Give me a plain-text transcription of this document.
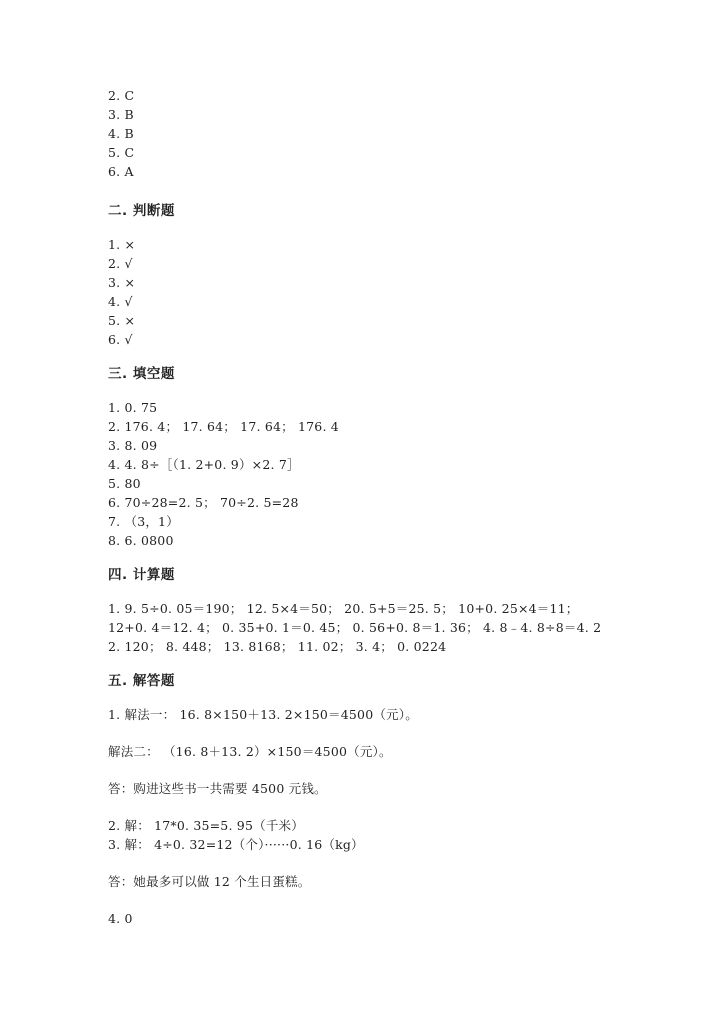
2. C
3. B
4. B
5. C
6. A
二. 判断题
1. ×
2. √
3. ×
4. √
5. ×
6. √
三. 填空题
1. 0. 75
2. 176. 4； 17. 64； 17. 64； 176. 4
3. 8. 09
4. 4. 8÷［（1. 2+0. 9）×2. 7］
5. 80
6. 70÷28=2. 5； 70÷2. 5=28
7. （3，1）
8. 6. 0800
四. 计算题
1. 9. 5÷0. 05＝190； 12. 5×4＝50； 20. 5+5＝25. 5； 10+0. 25×4＝11； 12+0. 4＝12. 4； 0. 35+0. 1＝0. 45； 0. 56+0. 8＝1. 36； 4. 8﹣4. 8÷8＝4. 2
2. 120； 8. 448； 13. 8168； 11. 02； 3. 4； 0. 0224
五. 解答题
1. 解法一： 16. 8×150＋13. 2×150＝4500（元）。
解法二： （16. 8＋13. 2）×150＝4500（元）。
答：购进这些书一共需要 4500 元钱。
2. 解： 17*0. 35=5. 95（千米）
3. 解： 4÷0. 32=12（个）······0. 16（kg）
答：她最多可以做 12 个生日蛋糕。
4. 0
